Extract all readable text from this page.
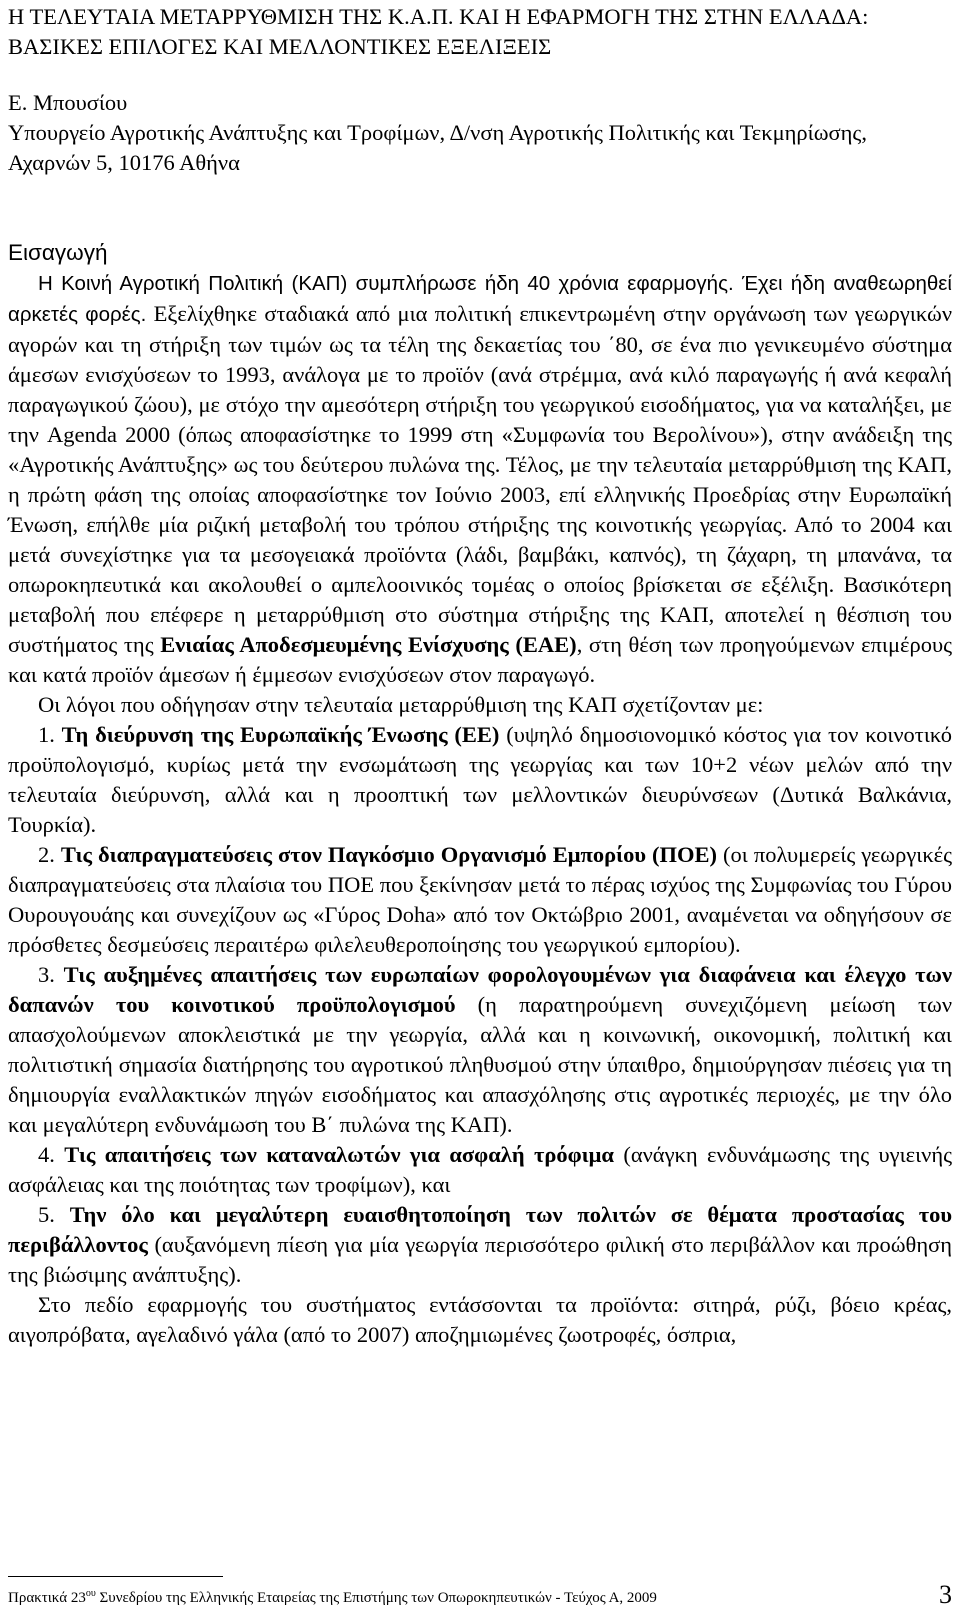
Η ΤΕΛΕΥΤΑΙΑ ΜΕΤΑΡΡΥΘΜΙΣΗ ΤΗΣ Κ.Α.Π. ΚΑΙ Η ΕΦΑΡΜΟΓΗ ΤΗΣ ΣΤΗΝ ΕΛΛΑΔΑ: ΒΑΣΙΚΕΣ ΕΠΙΛΟΓΕΣ ΚΑΙ ΜΕΛΛΟΝΤΙΚΕΣ ΕΞΕΛΙΞΕΙΣ

Ε. Μπουσίου
Υπουργείο Αγροτικής Ανάπτυξης και Τροφίμων, Δ/νση Αγροτικής Πολιτικής και Τεκμηρίωσης, Αχαρνών 5, 10176 Αθήνα
Εισαγωγή

Η Κοινή Αγροτική Πολιτική (ΚΑΠ) συμπλήρωσε ήδη 40 χρόνια εφαρμογής. Έχει ήδη αναθεωρηθεί αρκετές φορές. Εξελίχθηκε σταδιακά από μια πολιτική επικεντρωμένη στην οργάνωση των γεωργικών αγορών και τη στήριξη των τιμών ως τα τέλη της δεκαετίας του ΄80, σε ένα πιο γενικευμένο σύστημα άμεσων ενισχύσεων το 1993, ανάλογα με το προϊόν (ανά στρέμμα, ανά κιλό παραγωγής ή ανά κεφαλή παραγωγικού ζώου), με στόχο την αμεσότερη στήριξη του γεωργικού εισοδήματος, για να καταλήξει, με την Agenda 2000 (όπως αποφασίστηκε το 1999 στη «Συμφωνία του Βερολίνου»), στην ανάδειξη της «Αγροτικής Ανάπτυξης» ως του δεύτερου πυλώνα της. Τέλος, με την τελευταία μεταρρύθμιση της ΚΑΠ, η πρώτη φάση της οποίας αποφασίστηκε τον Ιούνιο 2003, επί ελληνικής Προεδρίας στην Ευρωπαϊκή Ένωση, επήλθε μία ριζική μεταβολή του τρόπου στήριξης της κοινοτικής γεωργίας. Από το 2004 και μετά συνεχίστηκε για τα μεσογειακά προϊόντα (λάδι, βαμβάκι, καπνός), τη ζάχαρη, τη μπανάνα, τα οπωροκηπευτικά και ακολουθεί ο αμπελοοινικός τομέας ο οποίος βρίσκεται σε εξέλιξη. Βασικότερη μεταβολή που επέφερε η μεταρρύθμιση στο σύστημα στήριξης της ΚΑΠ, αποτελεί η θέσπιση του συστήματος της Ενιαίας Αποδεσμευμένης Ενίσχυσης (ΕΑΕ), στη θέση των προηγούμενων επιμέρους και κατά προϊόν άμεσων ή έμμεσων ενισχύσεων στον παραγωγό.

Οι λόγοι που οδήγησαν στην τελευταία μεταρρύθμιση της ΚΑΠ σχετίζονταν με:

1. Τη διεύρυνση της Ευρωπαϊκής Ένωσης (ΕΕ) (υψηλό δημοσιονομικό κόστος για τον κοινοτικό προϋπολογισμό, κυρίως μετά την ενσωμάτωση της γεωργίας και των 10+2 νέων μελών από την τελευταία διεύρυνση, αλλά και η προοπτική των μελλοντικών διευρύνσεων (Δυτικά Βαλκάνια, Τουρκία).

2. Τις διαπραγματεύσεις στον Παγκόσμιο Οργανισμό Εμπορίου (ΠΟΕ) (οι πολυμερείς γεωργικές διαπραγματεύσεις στα πλαίσια του ΠΟΕ που ξεκίνησαν μετά το πέρας ισχύος της Συμφωνίας του Γύρου Ουρουγουάης και συνεχίζουν ως «Γύρος Doha» από τον Οκτώβριο 2001, αναμένεται να οδηγήσουν σε πρόσθετες δεσμεύσεις περαιτέρω φιλελευθεροποίησης του γεωργικού εμπορίου).

3. Τις αυξημένες απαιτήσεις των ευρωπαίων φορολογουμένων για διαφάνεια και έλεγχο των δαπανών του κοινοτικού προϋπολογισμού (η παρατηρούμενη συνεχιζόμενη μείωση των απασχολούμενων αποκλειστικά με την γεωργία, αλλά και η κοινωνική, οικονομική, πολιτική και πολιτιστική σημασία διατήρησης του αγροτικού πληθυσμού στην ύπαιθρο, δημιούργησαν πιέσεις για τη δημιουργία εναλλακτικών πηγών εισοδήματος και απασχόλησης στις αγροτικές περιοχές, με την όλο και μεγαλύτερη ενδυνάμωση του Β΄ πυλώνα της ΚΑΠ).

4. Τις απαιτήσεις των καταναλωτών για ασφαλή τρόφιμα (ανάγκη ενδυνάμωσης της υγιεινής ασφάλειας και της ποιότητας των τροφίμων), και

5. Την όλο και μεγαλύτερη ευαισθητοποίηση των πολιτών σε θέματα προστασίας του περιβάλλοντος (αυξανόμενη πίεση για μία γεωργία περισσότερο φιλική στο περιβάλλον και προώθηση της βιώσιμης ανάπτυξης).

Στο πεδίο εφαρμογής του συστήματος εντάσσονται τα προϊόντα: σιτηρά, ρύζι, βόειο κρέας, αιγοπρόβατα, αγελαδινό γάλα (από το 2007) αποζημιωμένες ζωοτροφές, όσπρια,

Πρακτικά $23^{o\upsilon}$ Συνεδρίου της Ελληνικής Εταιρείας της Επιστήμης των Οπωροκηπευτικών - Τεύχος Α, 2009	3
